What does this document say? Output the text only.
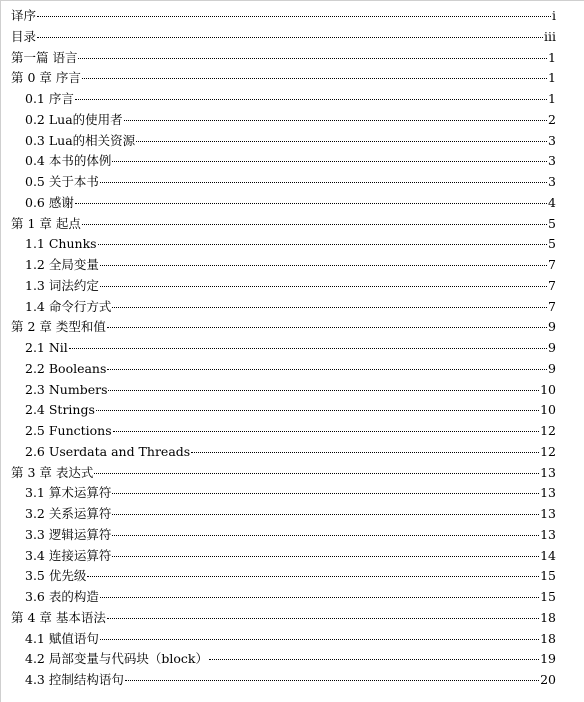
译序	i
目录	iii
第一篇 语言	1
第 0 章 序言	1
0.1 序言	1
0.2 Lua的使用者	2
0.3 Lua的相关资源	3
0.4 本书的体例	3
0.5 关于本书	3
0.6 感谢	4
第 1 章 起点	5
1.1 Chunks	5
1.2 全局变量	7
1.3 词法约定	7
1.4 命令行方式	7
第 2 章 类型和值	9
2.1 Nil	9
2.2 Booleans	9
2.3 Numbers	10
2.4 Strings	10
2.5 Functions	12
2.6 Userdata and Threads	12
第 3 章 表达式	13
3.1 算术运算符	13
3.2 关系运算符	13
3.3 逻辑运算符	13
3.4 连接运算符	14
3.5 优先级	15
3.6 表的构造	15
第 4 章 基本语法	18
4.1 赋值语句	18
4.2 局部变量与代码块（block）	19
4.3 控制结构语句	20
